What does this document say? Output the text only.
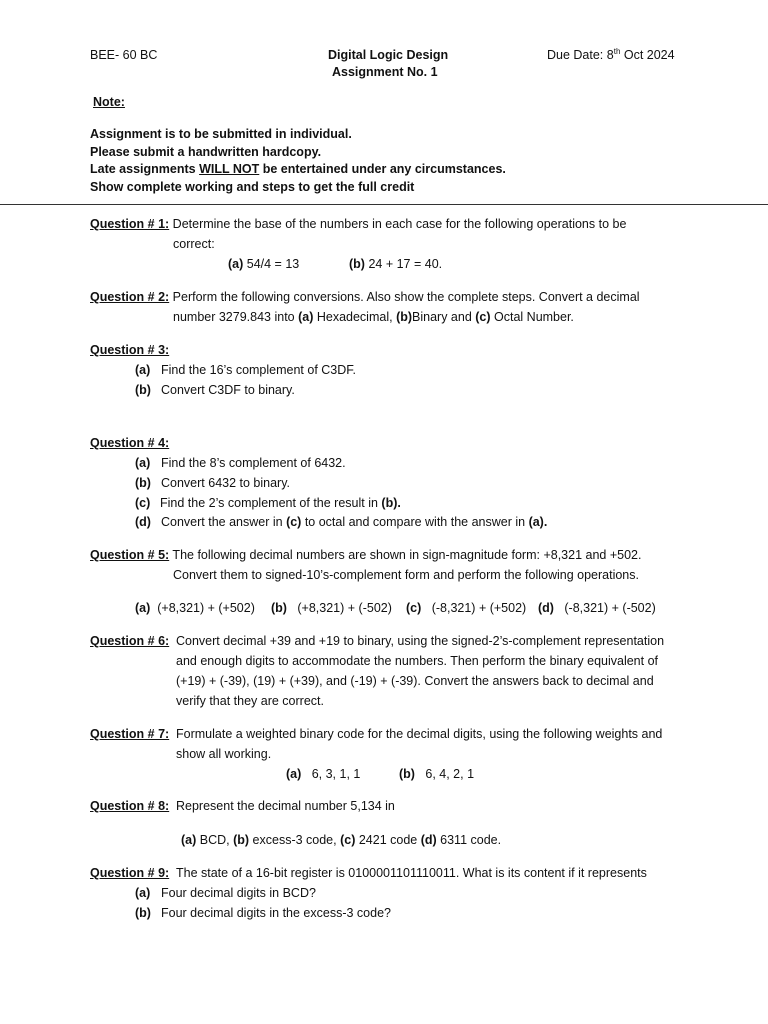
BEE- 60 BC	Digital Logic Design
Assignment No. 1
Due Date: 8th Oct 2024
Note:
Assignment is to be submitted in individual.
Please submit a handwritten hardcopy.
Late assignments WILL NOT be entertained under any circumstances.
Show complete working and steps to get the full credit
Question # 1: Determine the base of the numbers in each case for the following operations to be
correct:
(a) 54/4 = 13	(b) 24 + 17 = 40.
Question # 2: Perform the following conversions. Also show the complete steps. Convert a decimal
number 3279.843 into (a) Hexadecimal, (b)Binary and (c) Octal Number.
Question # 3:
(a) Find the 16’s complement of C3DF.
(b) Convert C3DF to binary.
Question # 4:
(a) Find the 8’s complement of 6432.
(b) Convert 6432 to binary.
(c) Find the 2’s complement of the result in (b).
(d) Convert the answer in (c) to octal and compare with the answer in (a).
Question # 5: The following decimal numbers are shown in sign-magnitude form: +8,321 and +502.
Convert them to signed-10’s-complement form and perform the following operations.
(a) (+8,321) + (+502) (b) (+8,321) + (-502) (c) (-8,321) + (+502) (d) (-8,321) + (-502)
Question # 6: Convert decimal +39 and +19 to binary, using the signed-2’s-complement representation
and enough digits to accommodate the numbers. Then perform the binary equivalent of
(+19) + (-39), (19) + (+39), and (-19) + (-39). Convert the answers back to decimal and
verify that they are correct.
Question # 7: Formulate a weighted binary code for the decimal digits, using the following weights and
show all working.
(a) 6, 3, 1, 1	(b) 6, 4, 2, 1
Question # 8: Represent the decimal number 5,134 in
(a) BCD, (b) excess-3 code, (c) 2421 code (d) 6311 code.
Question # 9: The state of a 16-bit register is 0100001101110011. What is its content if it represents
(a) Four decimal digits in BCD?
(b) Four decimal digits in the excess-3 code?
